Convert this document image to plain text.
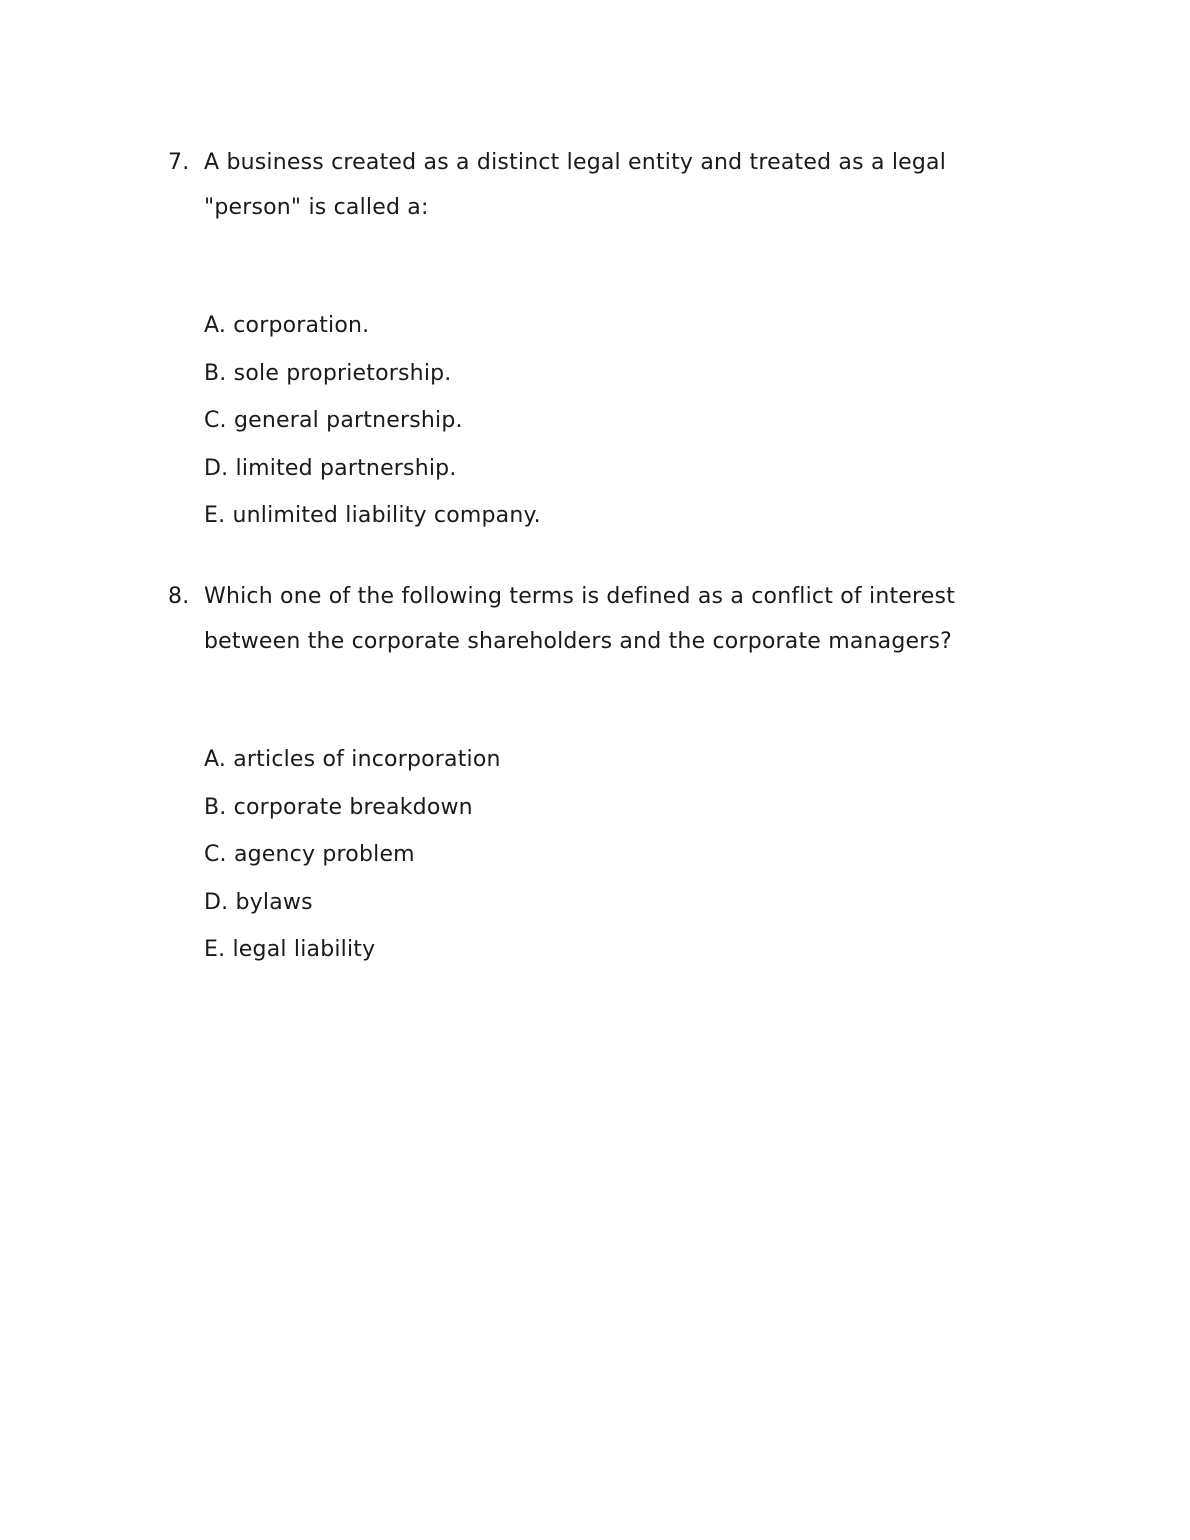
7. A business created as a distinct legal entity and treated as a legal "person" is called a:
A. corporation.
B. sole proprietorship.
C. general partnership.
D. limited partnership.
E. unlimited liability company.
8. Which one of the following terms is defined as a conflict of interest between the corporate shareholders and the corporate managers?
A. articles of incorporation
B. corporate breakdown
C. agency problem
D. bylaws
E. legal liability
